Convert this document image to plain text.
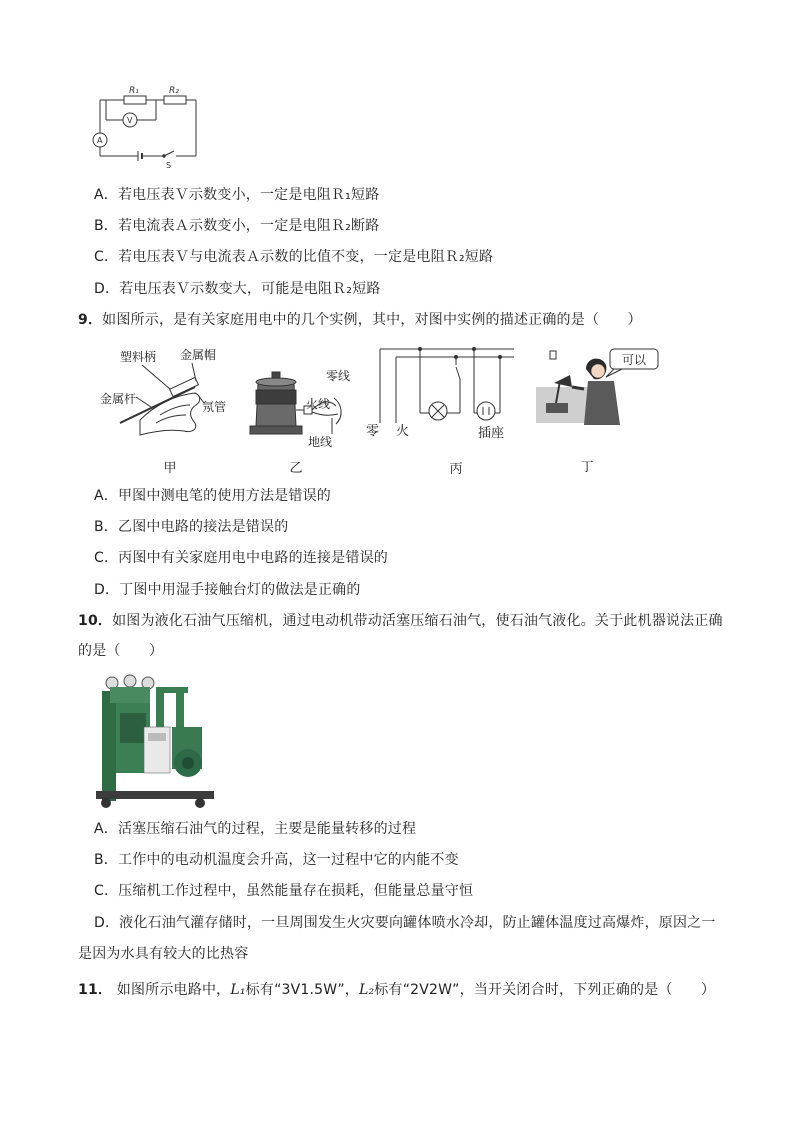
R₁	R₂
V
A
S
A．若电压表Ｖ示数变小，一定是电阻Ｒ₁短路
B．若电流表Ａ示数变小，一定是电阻Ｒ₂断路
C．若电压表Ｖ与电流表Ａ示数的比值不变，一定是电阻Ｒ₂短路
D．若电压表Ｖ示数变大，可能是电阻Ｒ₂短路
9．如图所示，是有关家庭用电中的几个实例，其中，对图中实例的描述正确的是（　　）
塑料柄 金属帽
金属杆
氖管
甲
零线
火线
地线
乙
零 火	插座
丙
可以
丁
A．甲图中测电笔的使用方法是错误的
B．乙图中电路的接法是错误的
C．丙图中有关家庭用电中电路的连接是错误的
D．丁图中用湿手接触台灯的做法是正确的
10．如图为液化石油气压缩机，通过电动机带动活塞压缩石油气，使石油气液化。关于此机器说法正确
的是（　　）
A．活塞压缩石油气的过程，主要是能量转移的过程
B．工作中的电动机温度会升高，这一过程中它的内能不变
C．压缩机工作过程中，虽然能量存在损耗，但能量总量守恒
D．液化石油气灌存储时，一旦周围发生火灾要向罐体喷水冷却，防止罐体温度过高爆炸，原因之一
是因为水具有较大的比热容
11． 如图所示电路中，L₁标有“3V1.5W”，L₂标有“2V2W”，当开关闭合时，下列正确的是（　　）
